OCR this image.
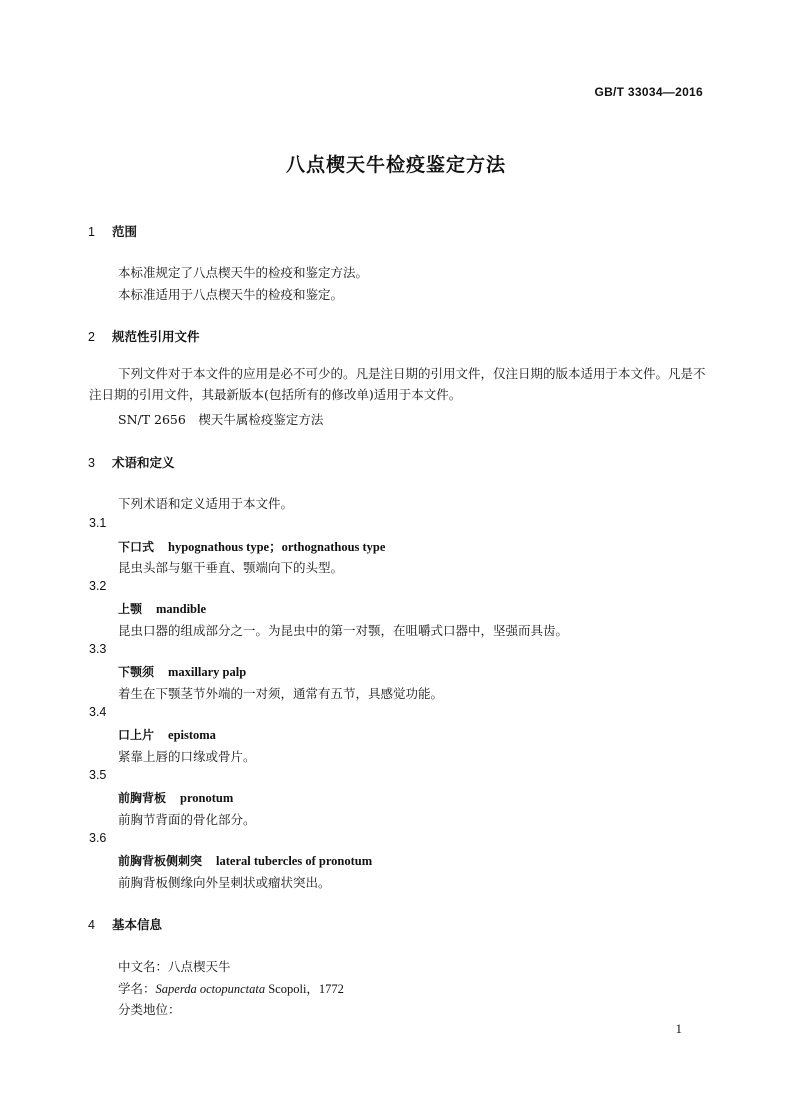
GB/T 33034—2016
八点楔天牛检疫鉴定方法
1 范围
本标准规定了八点楔天牛的检疫和鉴定方法。
本标准适用于八点楔天牛的检疫和鉴定。
2 规范性引用文件
下列文件对于本文件的应用是必不可少的。凡是注日期的引用文件，仅注日期的版本适用于本文件。凡是不注日期的引用文件，其最新版本(包括所有的修改单)适用于本文件。
SN/T 2656　楔天牛属检疫鉴定方法
3 术语和定义
下列术语和定义适用于本文件。
3.1
下口式 hypognathous type；orthognathous type
昆虫头部与躯干垂直、颚端向下的头型。
3.2
上颚 mandible
昆虫口器的组成部分之一。为昆虫中的第一对颚，在咀嚼式口器中，坚强而具齿。
3.3
下颚须 maxillary palp
着生在下颚茎节外端的一对须，通常有五节，具感觉功能。
3.4
口上片 epistoma
紧靠上唇的口缘或骨片。
3.5
前胸背板 pronotum
前胸节背面的骨化部分。
3.6
前胸背板侧刺突 lateral tubercles of pronotum
前胸背板侧缘向外呈刺状或瘤状突出。
4 基本信息
中文名：八点楔天牛
学名：Saperda octopunctata Scopoli，1772
分类地位：
1
